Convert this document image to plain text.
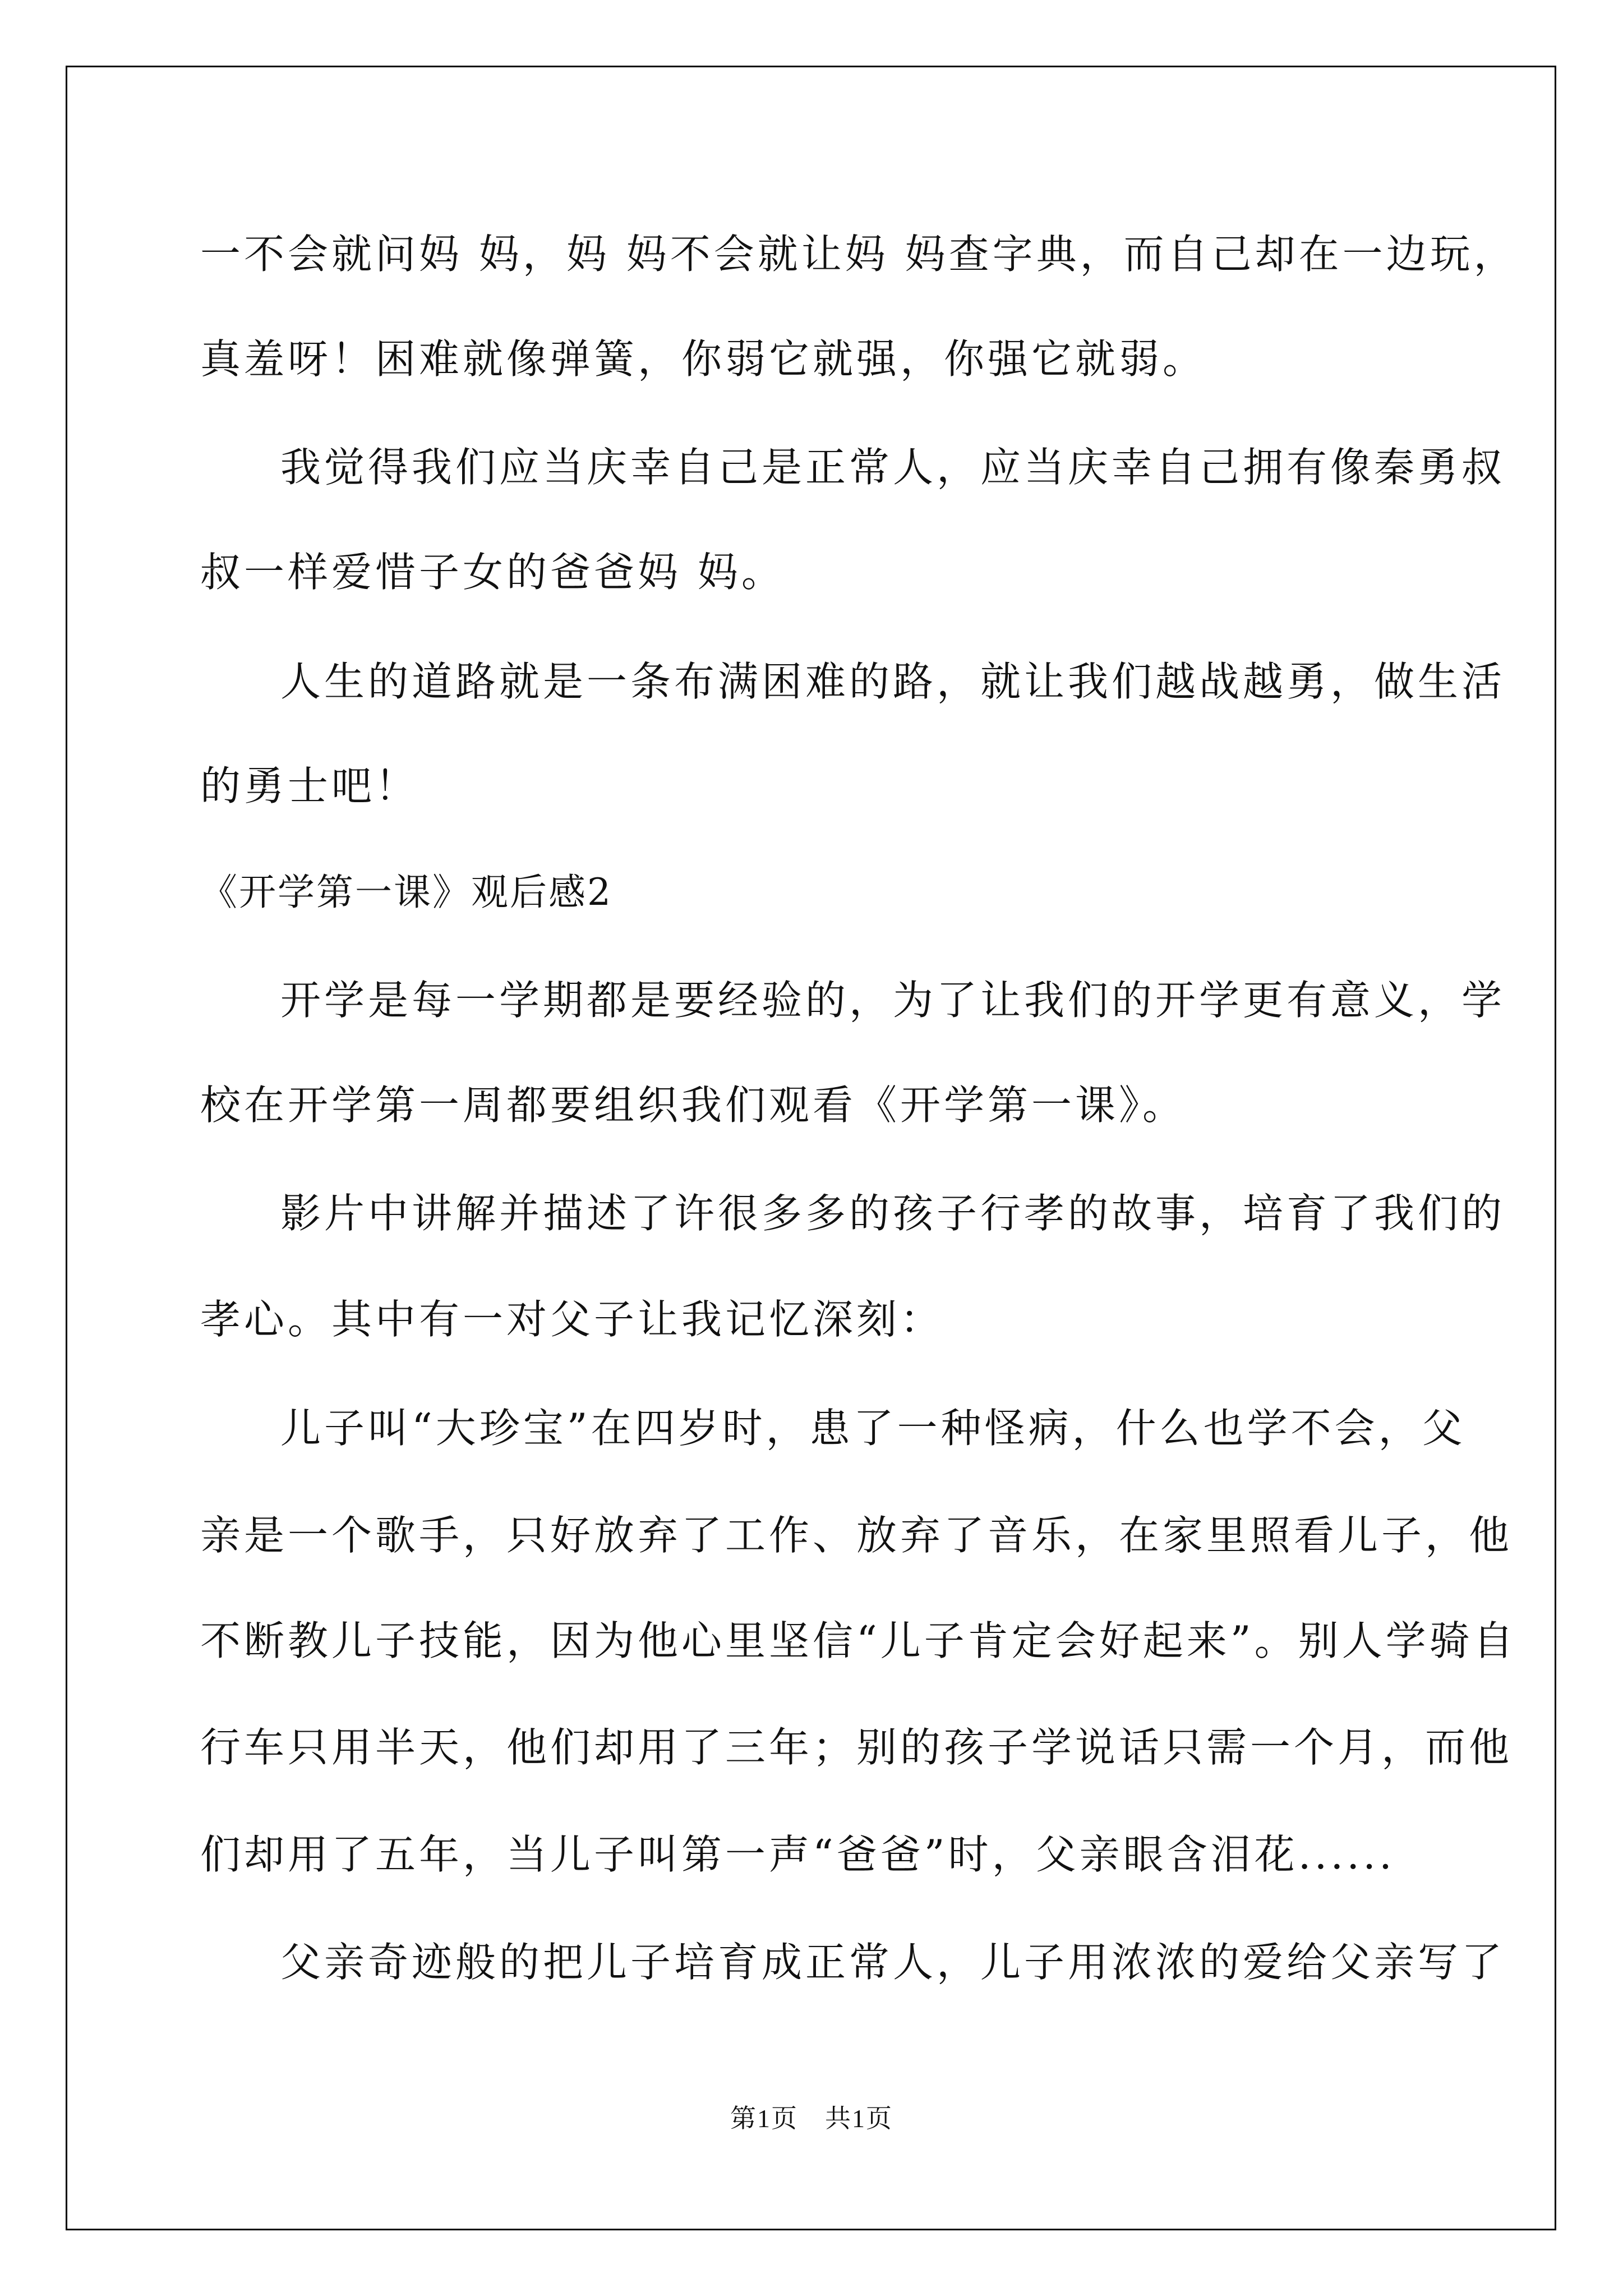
一不会就问妈 妈，妈 妈不会就让妈 妈查字典，而自己却在一边玩，
真羞呀！困难就像弹簧，你弱它就强，你强它就弱。
我觉得我们应当庆幸自己是正常人，应当庆幸自己拥有像秦勇叔
叔一样爱惜子女的爸爸妈 妈。
人生的道路就是一条布满困难的路，就让我们越战越勇，做生活
的勇士吧！
《开学第一课》观后感2
开学是每一学期都是要经验的，为了让我们的开学更有意义，学
校在开学第一周都要组织我们观看《开学第一课》。
影片中讲解并描述了许很多多的孩子行孝的故事，培育了我们的
孝心。其中有一对父子让我记忆深刻：
儿子叫“大珍宝”在四岁时，患了一种怪病，什么也学不会，父
亲是一个歌手，只好放弃了工作、放弃了音乐，在家里照看儿子，他
不断教儿子技能，因为他心里坚信“儿子肯定会好起来”。别人学骑自
行车只用半天，他们却用了三年；别的孩子学说话只需一个月，而他
们却用了五年，当儿子叫第一声“爸爸”时，父亲眼含泪花......
父亲奇迹般的把儿子培育成正常人，儿子用浓浓的爱给父亲写了
第1页　共1页
